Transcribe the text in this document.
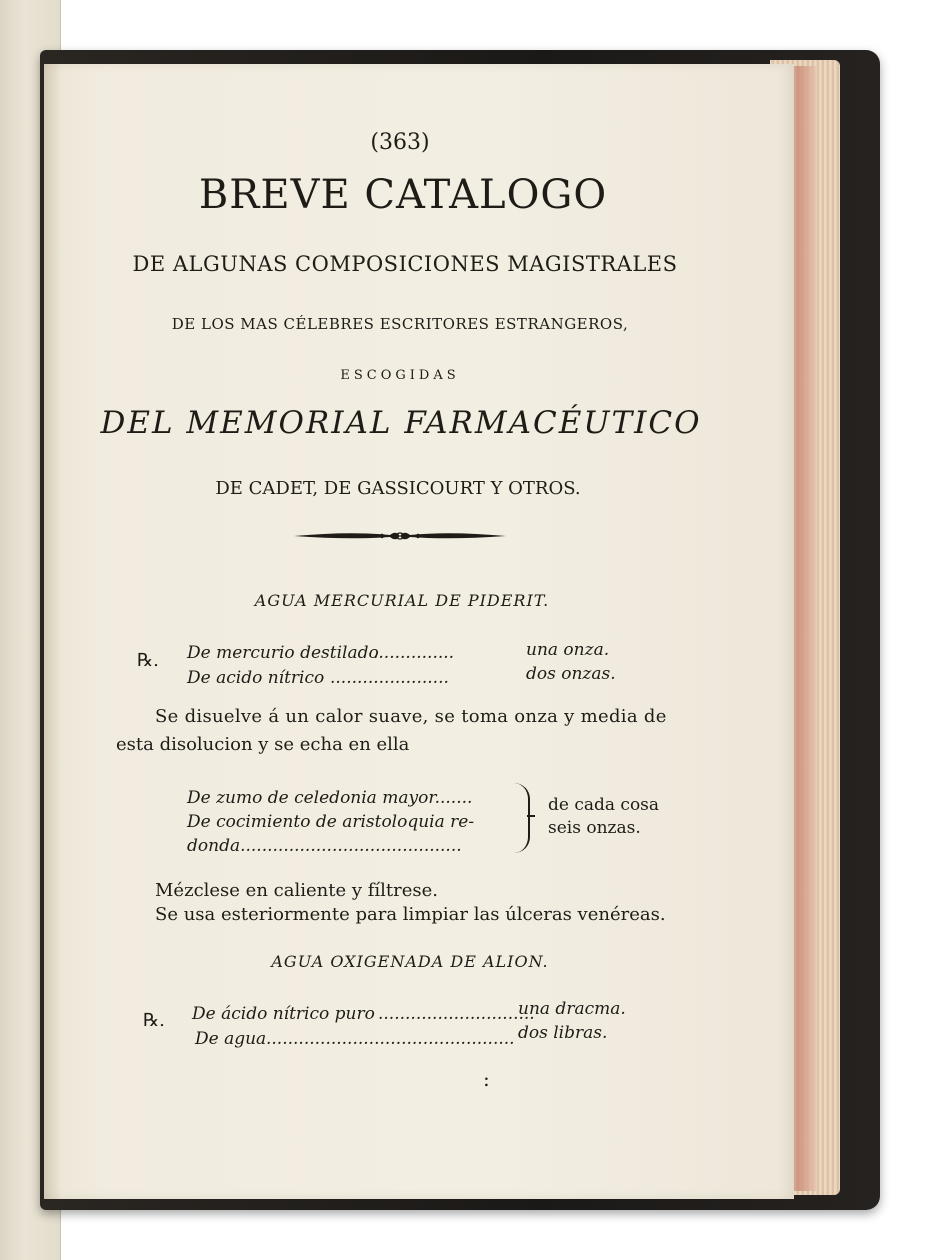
(363)
BREVE CATALOGO
DE ALGUNAS COMPOSICIONES MAGISTRALES
DE LOS MAS CÉLEBRES ESCRITORES ESTRANGEROS,
ESCOGIDAS
DEL MEMORIAL FARMACÉUTICO
DE CADET, DE GASSICOURT Y OTROS.
AGUA MERCURIAL DE PIDERIT.
℞. De mercurio destilado
...............	una onza.
De acido nítrico ......................	dos onzas.
Se disuelve á un calor suave, se toma onza y media de
esta disolucion y se echa en ella
De zumo de celedonia mayor.......
De cocimiento de aristoloquia re-
donda.........................................
de cada cosa
seis onzas.
Mézclese en caliente y fíltrese.
Se usa esteriormente para limpiar las úlceras venéreas.
AGUA OXIGENADA DE ALION.
℞. De ácido nítrico puro .............................
una dracma.
De agua .............................................. dos libras.
:
